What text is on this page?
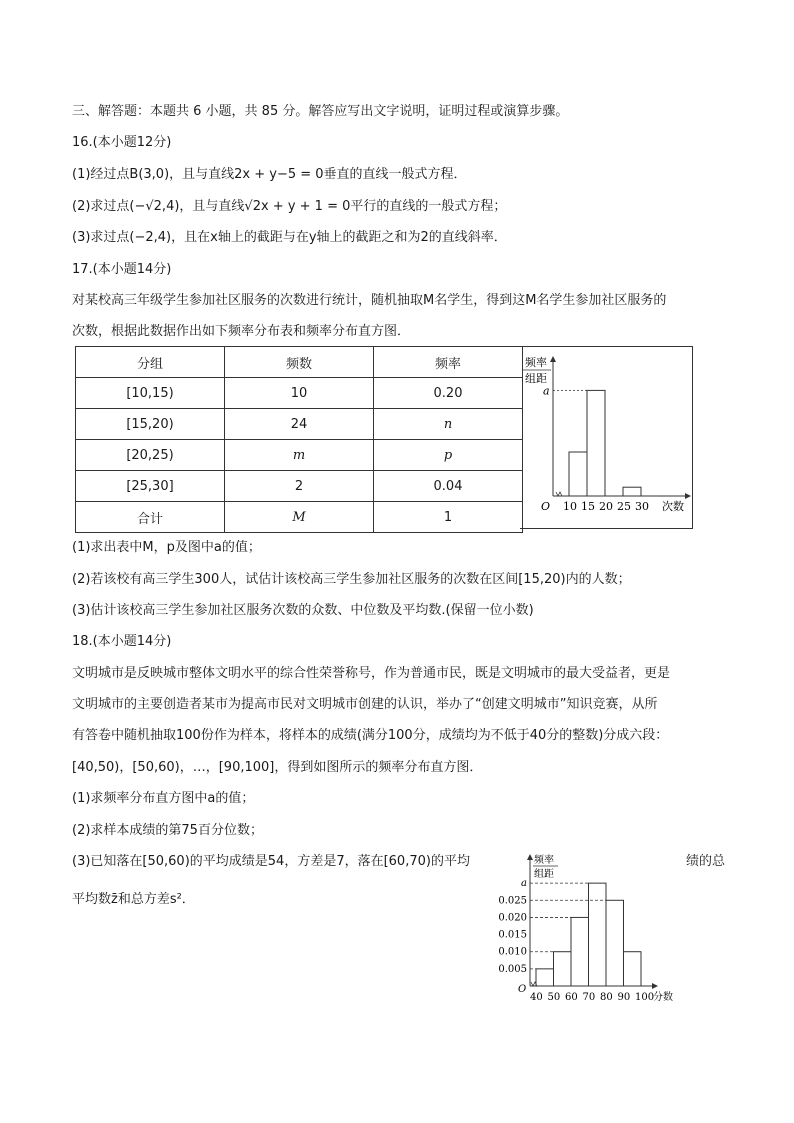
三、解答题：本题共 6 小题，共 85 分。解答应写出文字说明，证明过程或演算步骤。
16.(本小题12分)
(1)经过点B(3,0)，且与直线2x + y−5 = 0垂直的直线一般式方程．
(2)求过点(−√2,4)，且与直线√2x + y + 1 = 0平行的直线的一般式方程；
(3)求过点(−2,4)，且在x轴上的截距与在y轴上的截距之和为2的直线斜率．
17.(本小题14分)
对某校高三年级学生参加社区服务的次数进行统计，随机抽取M名学生，得到这M名学生参加社区服务的
次数，根据此数据作出如下频率分布表和频率分布直方图．
分组	频数	频率
[10,15)	10	0.20
[15,20)	24	n
[20,25)	m	p
[25,30]	2	0.04
合计	M	1
频率
组距
O 10 15 20 25 30 次数
a
(1)求出表中M，p及图中a的值；
(2)若该校有高三学生300人，试估计该校高三学生参加社区服务的次数在区间[15,20)内的人数；
(3)估计该校高三学生参加社区服务次数的众数、中位数及平均数.(保留一位小数)
18.(本小题14分)
文明城市是反映城市整体文明水平的综合性荣誉称号，作为普通市民，既是文明城市的最大受益者，更是
文明城市的主要创造者某市为提高市民对文明城市创建的认识，举办了“创建文明城市”知识竞赛，从所
有答卷中随机抽取100份作为样本，将样本的成绩(满分100分，成绩均为不低于40分的整数)分成六段：
[40,50)，[50,60)，…，[90,100]，得到如图所示的频率分布直方图．
(1)求频率分布直方图中a的值；
(2)求样本成绩的第75百分位数；
(3)已知落在[50,60)的平均成绩是54，方差是7，落在[60,70)的平均	绩的总
平均数z̄和总方差s²．
频率
组距
O
40 50 60 70 80 90 100
分数
a
0.025
0.020
0.015
0.010
0.005
